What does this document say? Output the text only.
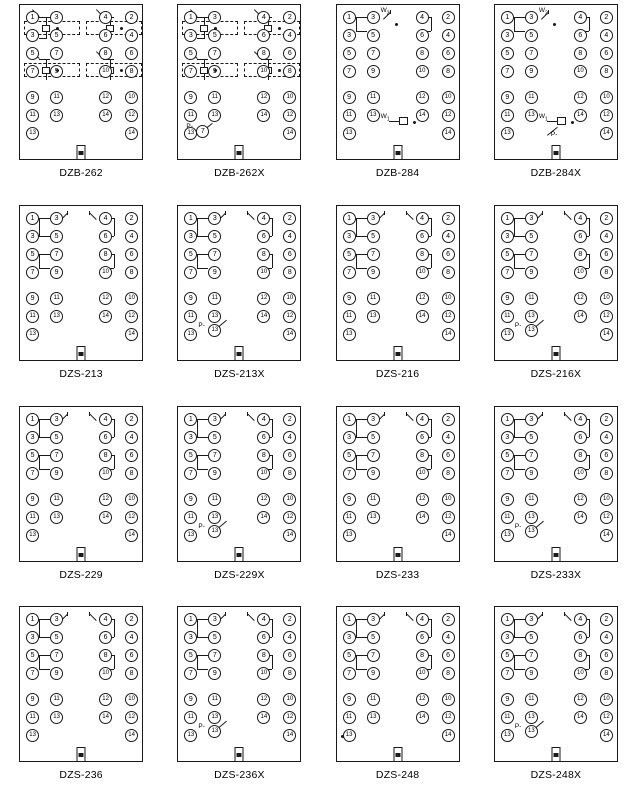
1
3
5
7
9
11
13
2
4
6
8
10
12
14
3	4
5	6
7	8
10
11	12
13	14
DZB-262
1
3
5
7
9
11
13
2
4
6
8
10
12
14
3	4
5	6
7	8
10
11	12
13	14
7
P-
DZB-262X
1
3
5
7
9
11
13
2
4
6
8
10
12
14
3	4
5	6
7	8
9	10
11	12
13	14
$W_2$
$W_1$
DZB-284
1
3
5
7
9
11
13
2
4
6
8
10
12
14
3	4
5	6
7	8
9	10
11	12
13	14
$W_2$
$W_1$
P-
DZB-284X
1
3
5
7
9
11
13
2
4
6
8
10
12
14
3	4
5	6
7	8
9	10
11	12
13	14
DZS-213
1
3
5
7
9
11
13
2
4
6
8
10
12
14
3	4
5	6
7	8
9	10
11	12
13	14
13
P-
DZS-213X
1
3
5
7
9
11
13
2
4
6
8
10
12
14
3	4
5	6
7	8
9	10
11	12
13	14
DZS-216
1
3
5
7
9
11
13
2
4
6
8
10
12
14
3	4
5	6
7	8
9	10
11	12
13	14
13
P-
DZS-216X
1
3
5
7
9
11
13
2
4
6
8
10
12
14
3	4
5	6
7	8
9	10
11	12
13	14
DZS-229
1
3
5
7
9
11
13
2
4
6
8
10
12
14
3	4
5	6
7	8
9	10
11	12
13	14
13
P-
DZS-229X
1
3
5
7
9
11
13
2
4
6
8
10
12
14
3	4
5	6
7	8
9	10
11	12
13	14
DZS-233
1
3
5
7
9
11
13
2
4
6
8
10
12
14
3	4
5	6
7	8
9	10
11	12
13	14
13
P-
DZS-233X
1
3
5
7
9
11
13
2
4
6
8
10
12
14
3	4
5	6
7	8
9	10
11	12
13	14
DZS-236
1
3
5
7
9
11
13
2
4
6
8
10
12
14
3	4
5	6
7	8
9	10
11	12
13	14
13
P-
DZS-236X
1
3
5
7
9
11
13
2
4
6
8
10
12
14
3	4
5	6
7	8
9	10
11	12
13	14
DZS-248
1
3
5
7
9
11
13
2
4
6
8
10
12
14
3	4
5	6
7	8
9	10
11	12
13	14
13
P-
DZS-248X
